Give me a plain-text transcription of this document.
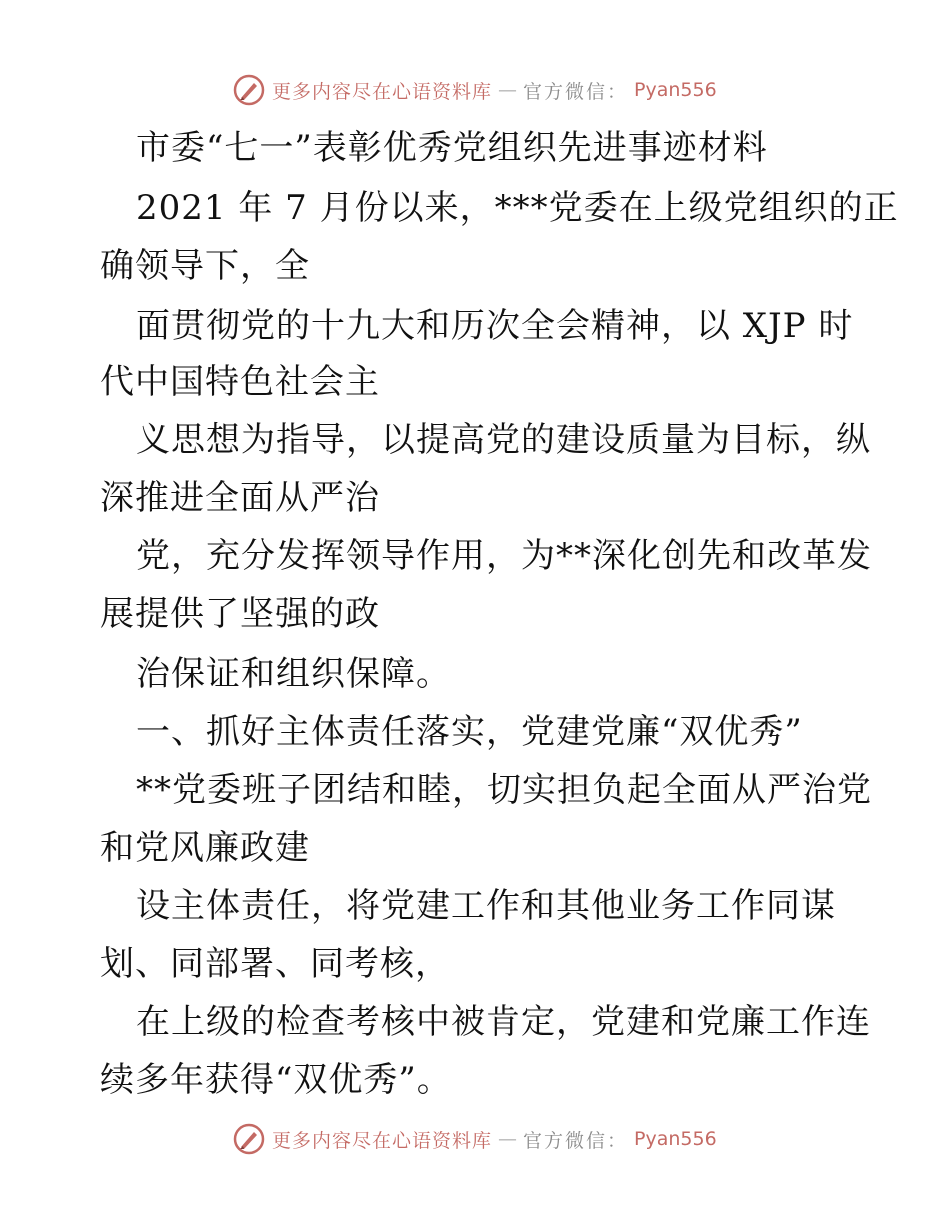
更多内容尽在心语资料库 — 官方微信： Pyan556
市委“七一”表彰优秀党组织先进事迹材料
2021 年 7 月份以来，***党委在上级党组织的正
确领导下，全
面贯彻党的十九大和历次全会精神，以 XJP 时
代中国特色社会主
义思想为指导，以提高党的建设质量为目标，纵
深推进全面从严治
党，充分发挥领导作用，为**深化创先和改革发
展提供了坚强的政
治保证和组织保障。
一、抓好主体责任落实，党建党廉“双优秀”
**党委班子团结和睦，切实担负起全面从严治党
和党风廉政建
设主体责任，将党建工作和其他业务工作同谋
划、同部署、同考核，
在上级的检查考核中被肯定，党建和党廉工作连
续多年获得“双优秀”。
更多内容尽在心语资料库 — 官方微信： Pyan556
